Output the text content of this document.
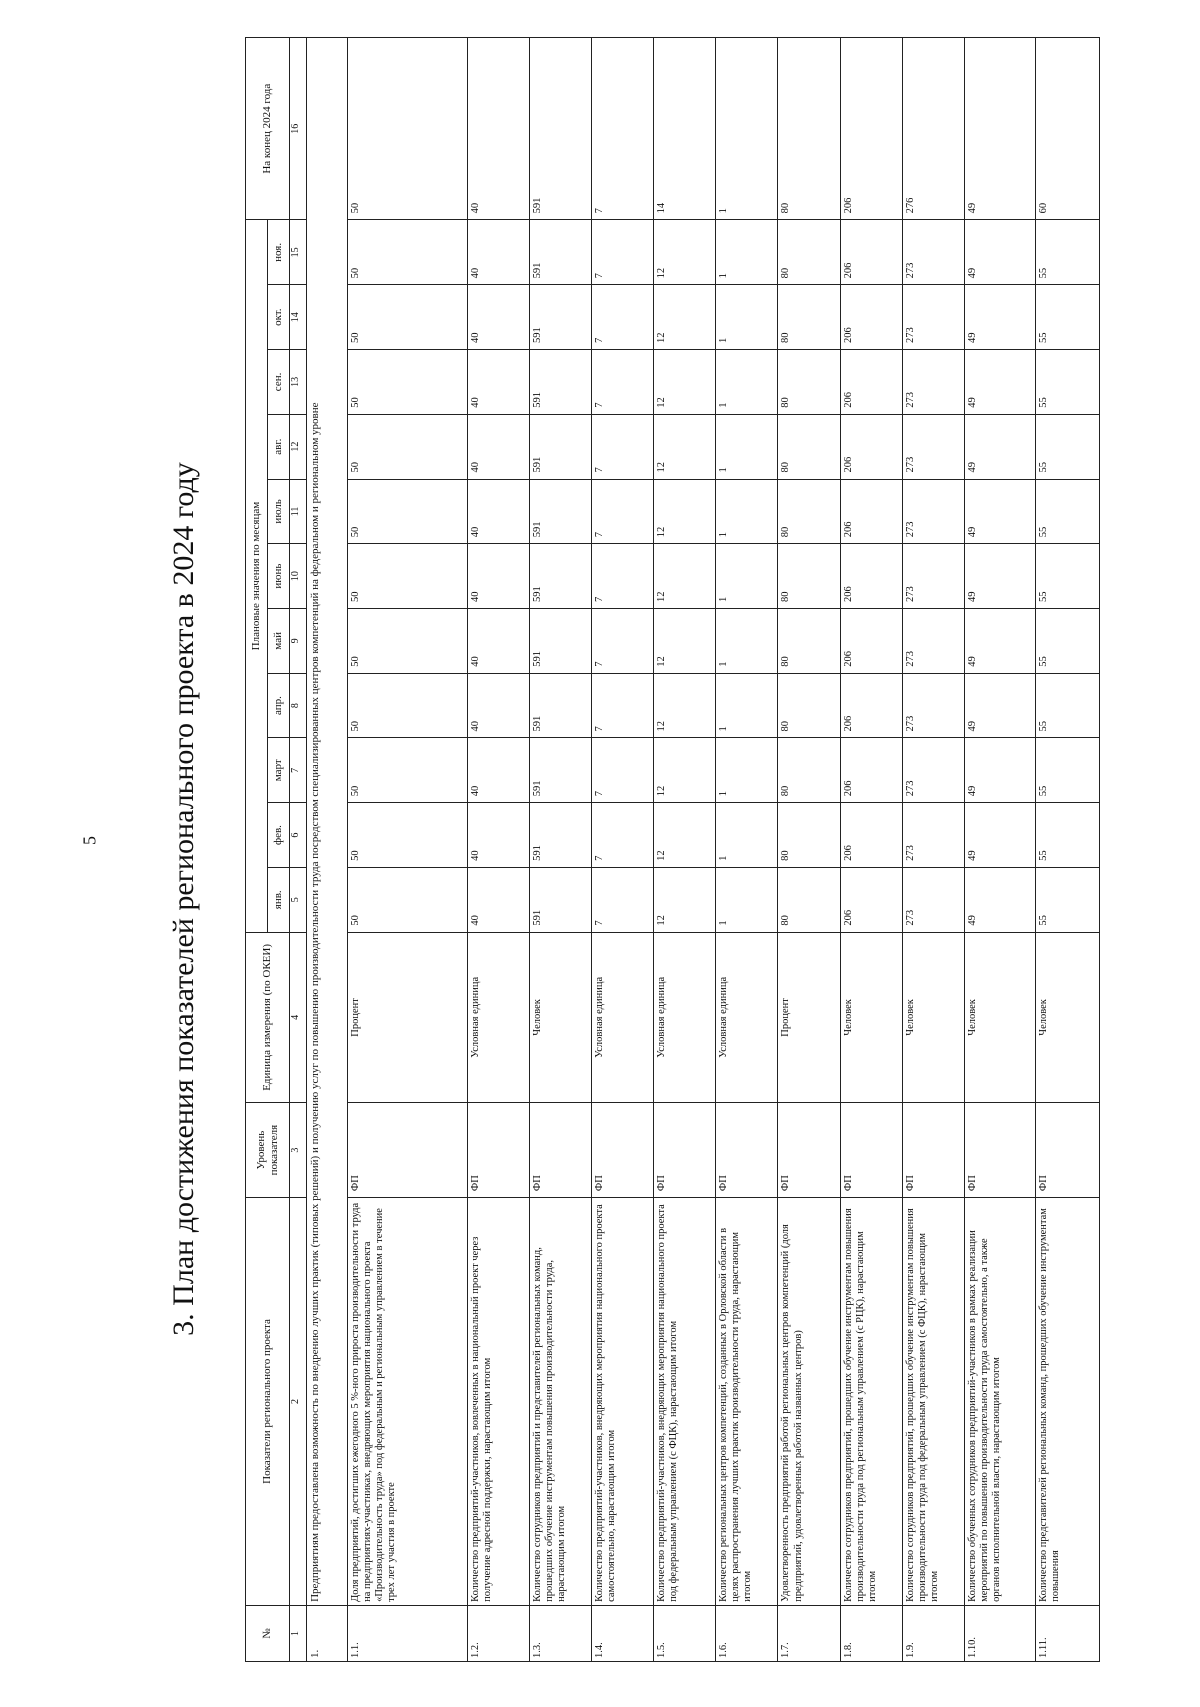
5 3. План достижения показателей регионального проекта в 2024 году
№	Показатели регионального проекта	Уровень показателя	Единица измерения (по ОКЕИ)	Плановые значения по месяцам											На конец 2024 года
				янв.	фев.	март	апр.	май	июнь	июль	авг.	сен.	окт.	ноя.	
1	2	3	4	5	6	7	8	9	10	11	12	13	14	15	16
1.	Предприятиям предоставлена возможность по внедрению лучших практик (типовых решений) и получению услуг по повышению производительности труда посредством специализированных центров компетенций на федеральном и региональном уровне														
1.1.	Доля предприятий, достигших ежегодного 5 %-ного прироста производительности труда на предприятиях-участниках, внедряющих мероприятия национального проекта «Производительность труда» под федеральным и региональным управлением в течение трех лет участия в проекте	ФП	Процент	50	50	50	50	50	50	50	50	50	50	50	50
1.2.	Количество предприятий-участников, вовлеченных в национальный проект через получение адресной поддержки, нарастающим итогом	ФП	Условная единица	40	40	40	40	40	40	40	40	40	40	40	40
1.3.	Количество сотрудников предприятий и представителей региональных команд, прошедших обучение инструментам повышения производительности труда, нарастающим итогом	ФП	Человек	591	591	591	591	591	591	591	591	591	591	591	591
1.4.	Количество предприятий-участников, внедряющих мероприятия национального проекта самостоятельно, нарастающим итогом	ФП	Условная единица	7	7	7	7	7	7	7	7	7	7	7	7
1.5.	Количество предприятий-участников, внедряющих мероприятия национального проекта под федеральным управлением (с ФЦК), нарастающим итогом	ФП	Условная единица	12	12	12	12	12	12	12	12	12	12	12	14
1.6.	Количество региональных центров компетенций, созданных в Орловской области в целях распространения лучших практик производительности труда, нарастающим итогом	ФП	Условная единица	1	1	1	1	1	1	1	1	1	1	1	1
1.7.	Удовлетворенность предприятий работой региональных центров компетенций (доля предприятий, удовлетворенных работой названных центров)	ФП	Процент	80	80	80	80	80	80	80	80	80	80	80	80
1.8.	Количество сотрудников предприятий, прошедших обучение инструментам повышения производительности труда под региональным управлением (с РЦК), нарастающим итогом	ФП	Человек	206	206	206	206	206	206	206	206	206	206	206	206
1.9.	Количество сотрудников предприятий, прошедших обучение инструментам повышения производительности труда под федеральным управлением (с ФЦК), нарастающим итогом	ФП	Человек	273	273	273	273	273	273	273	273	273	273	273	276
1.10.	Количество обученных сотрудников предприятий-участников в рамках реализации мероприятий по повышению производительности труда самостоятельно, а также органов исполнительной власти, нарастающим итогом	ФП	Человек	49	49	49	49	49	49	49	49	49	49	49	49
1.11.	Количество представителей региональных команд, прошедших обучение инструментам повышения	ФП	Человек	55	55	55	55	55	55	55	55	55	55	55	60
